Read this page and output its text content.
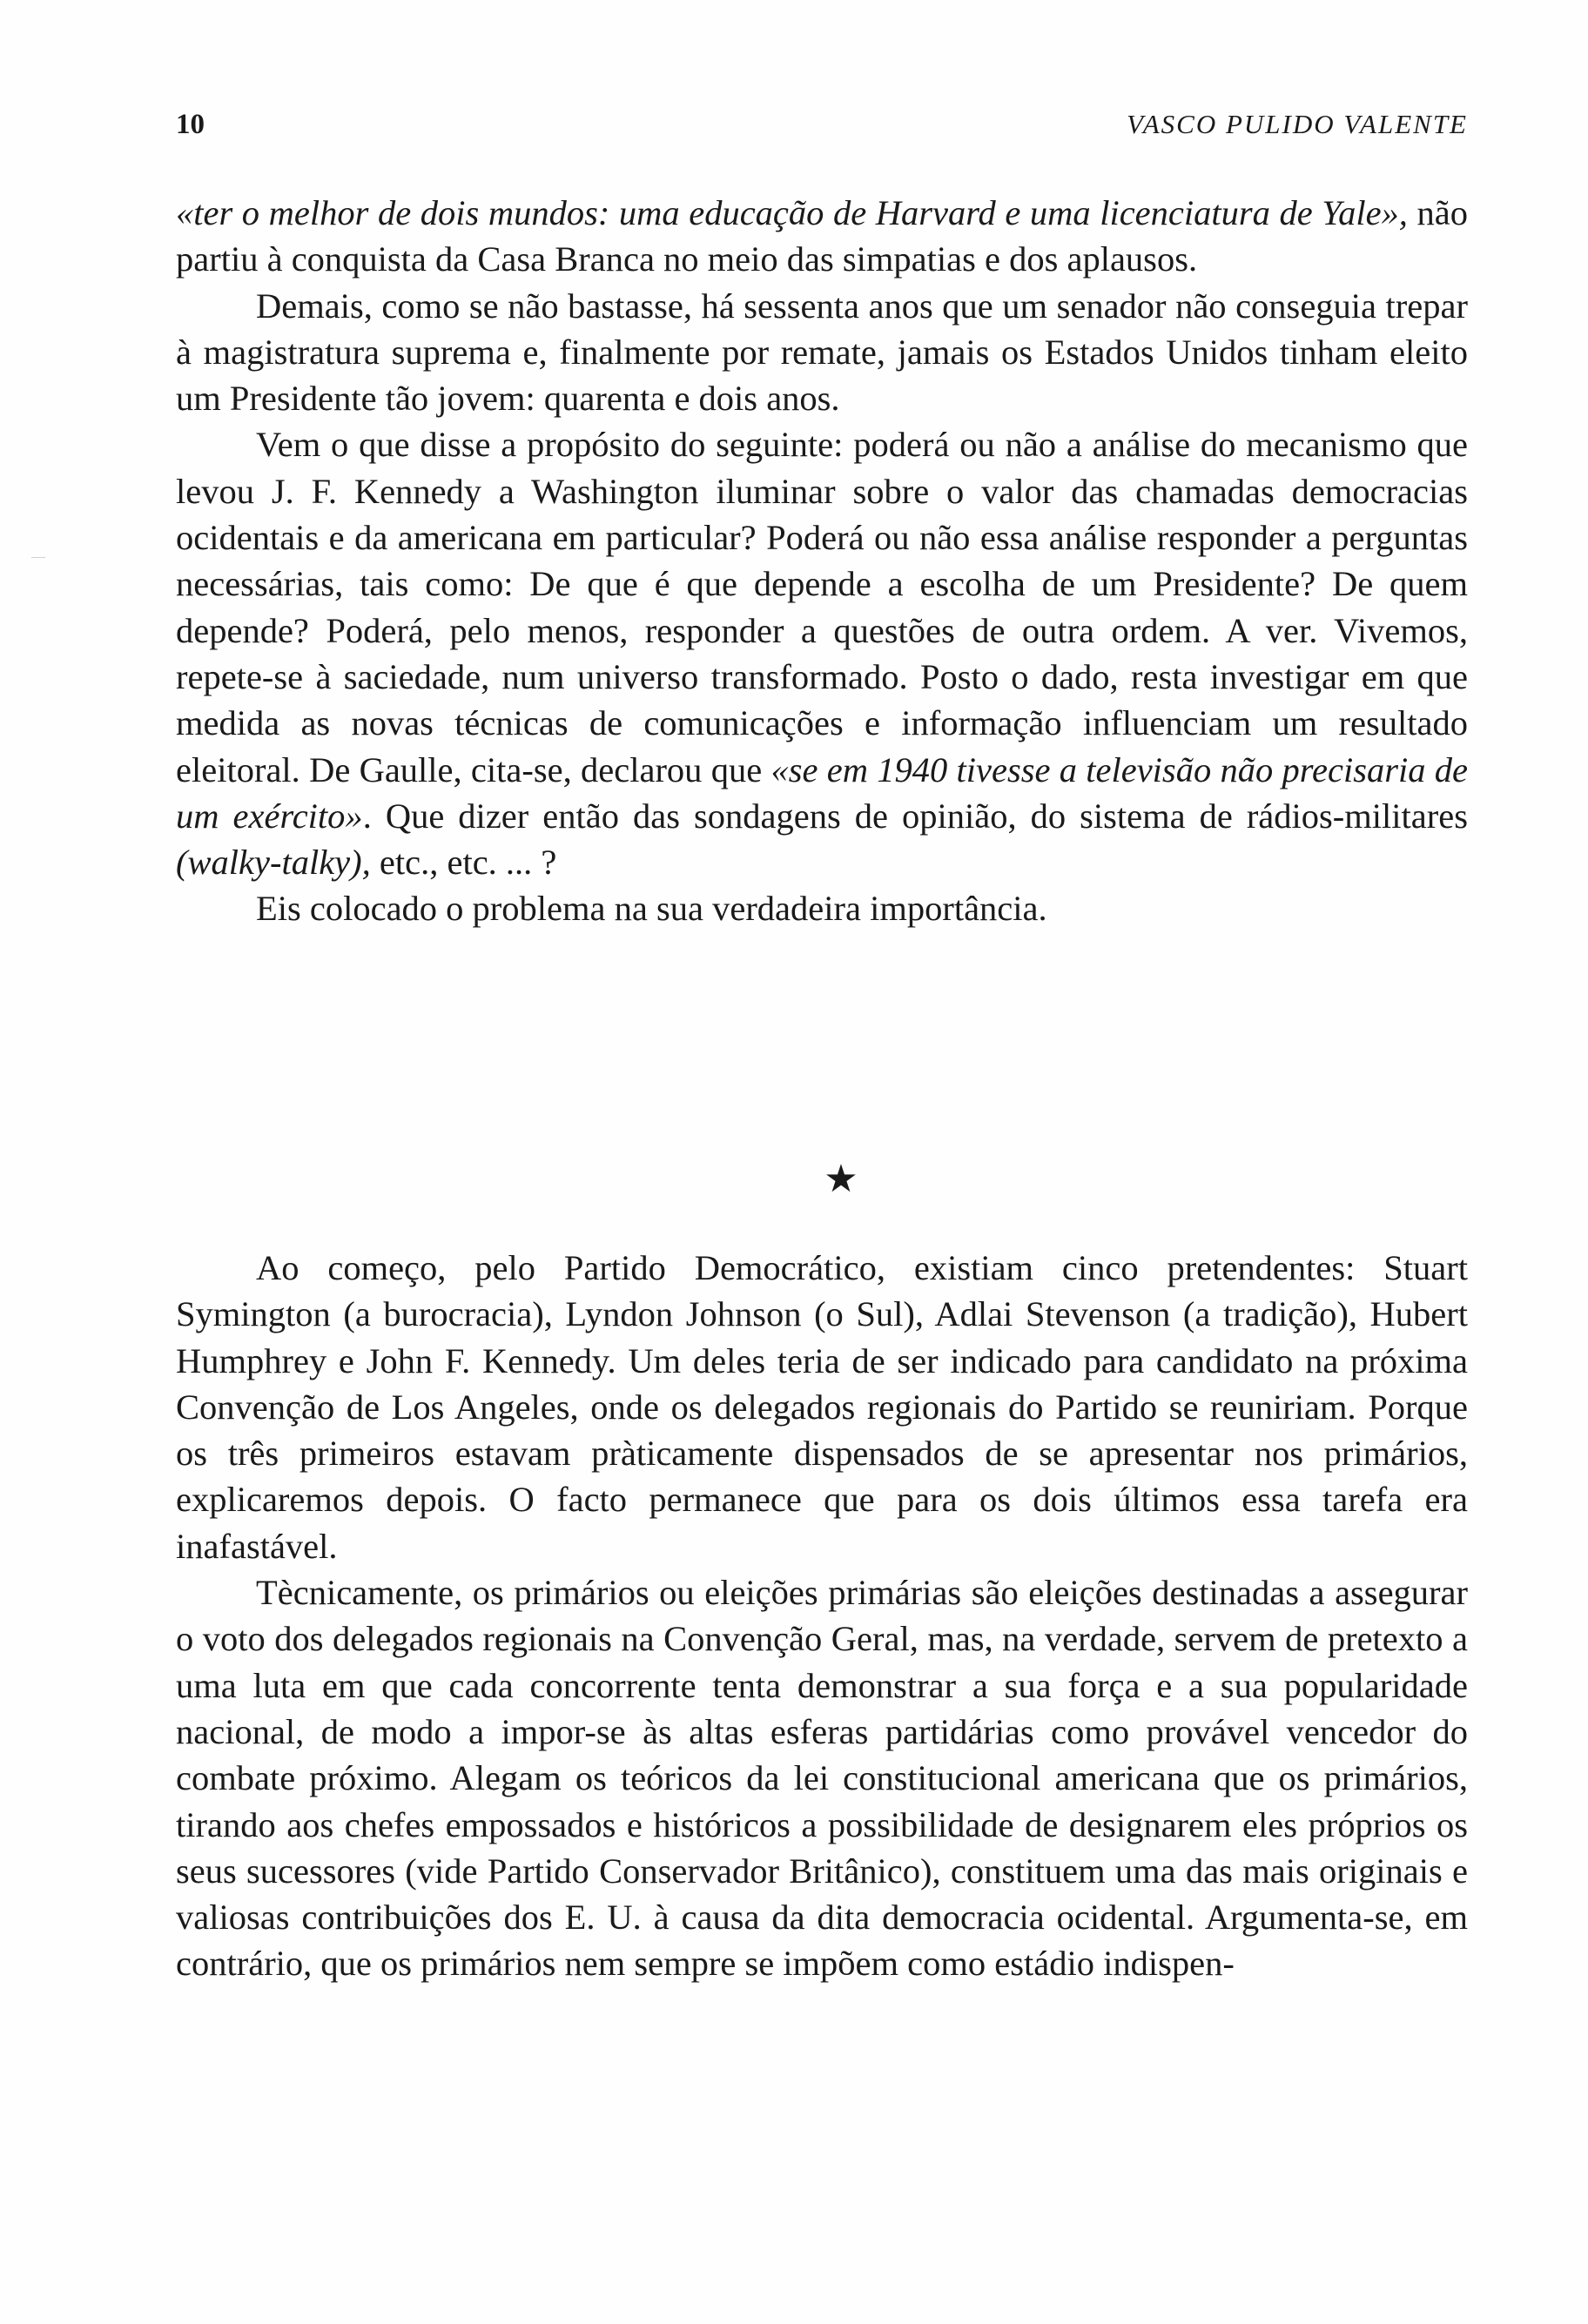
10	VASCO PULIDO VALENTE

«ter o melhor de dois mundos: uma educação de Harvard e uma licenciatura de Yale», não partiu à conquista da Casa Branca no meio das simpatias e dos aplausos.

Demais, como se não bastasse, há sessenta anos que um senador não conseguia trepar à magistratura suprema e, finalmente por remate, jamais os Estados Unidos tinham eleito um Presidente tão jovem: quarenta e dois anos.

Vem o que disse a propósito do seguinte: poderá ou não a análise do mecanismo que levou J. F. Kennedy a Washington iluminar sobre o valor das chamadas democracias ocidentais e da americana em particular? Poderá ou não essa análise responder a perguntas necessárias, tais como: De que é que depende a escolha de um Presidente? De quem depende? Poderá, pelo menos, responder a questões de outra ordem. A ver. Vivemos, repete-se à saciedade, num universo transformado. Posto o dado, resta investigar em que medida as novas técnicas de comunicações e informação influenciam um resultado eleitoral. De Gaulle, cita-se, declarou que «se em 1940 tivesse a televisão não precisaria de um exército». Que dizer então das sondagens de opinião, do sistema de rádios-militares (walky-talky), etc., etc. ... ?

Eis colocado o problema na sua verdadeira importância.

★

Ao começo, pelo Partido Democrático, existiam cinco pretendentes: Stuart Symington (a burocracia), Lyndon Johnson (o Sul), Adlai Stevenson (a tradição), Hubert Humphrey e John F. Kennedy. Um deles teria de ser indicado para candidato na próxima Convenção de Los Angeles, onde os delegados regionais do Partido se reuniriam. Porque os três primeiros estavam pràticamente dispensados de se apresentar nos primários, explicaremos depois. O facto permanece que para os dois últimos essa tarefa era inafastável.

Tècnicamente, os primários ou eleições primárias são eleições destinadas a assegurar o voto dos delegados regionais na Convenção Geral, mas, na verdade, servem de pretexto a uma luta em que cada concorrente tenta demonstrar a sua força e a sua popularidade nacional, de modo a impor-se às altas esferas partidárias como provável vencedor do combate próximo. Alegam os teóricos da lei constitucional americana que os primários, tirando aos chefes empossados e históricos a possibilidade de designarem eles próprios os seus sucessores (vide Partido Conservador Britânico), constituem uma das mais originais e valiosas contribuições dos E. U. à causa da dita democracia ocidental. Argumenta-se, em contrário, que os primários nem sempre se impõem como estádio indispen-
